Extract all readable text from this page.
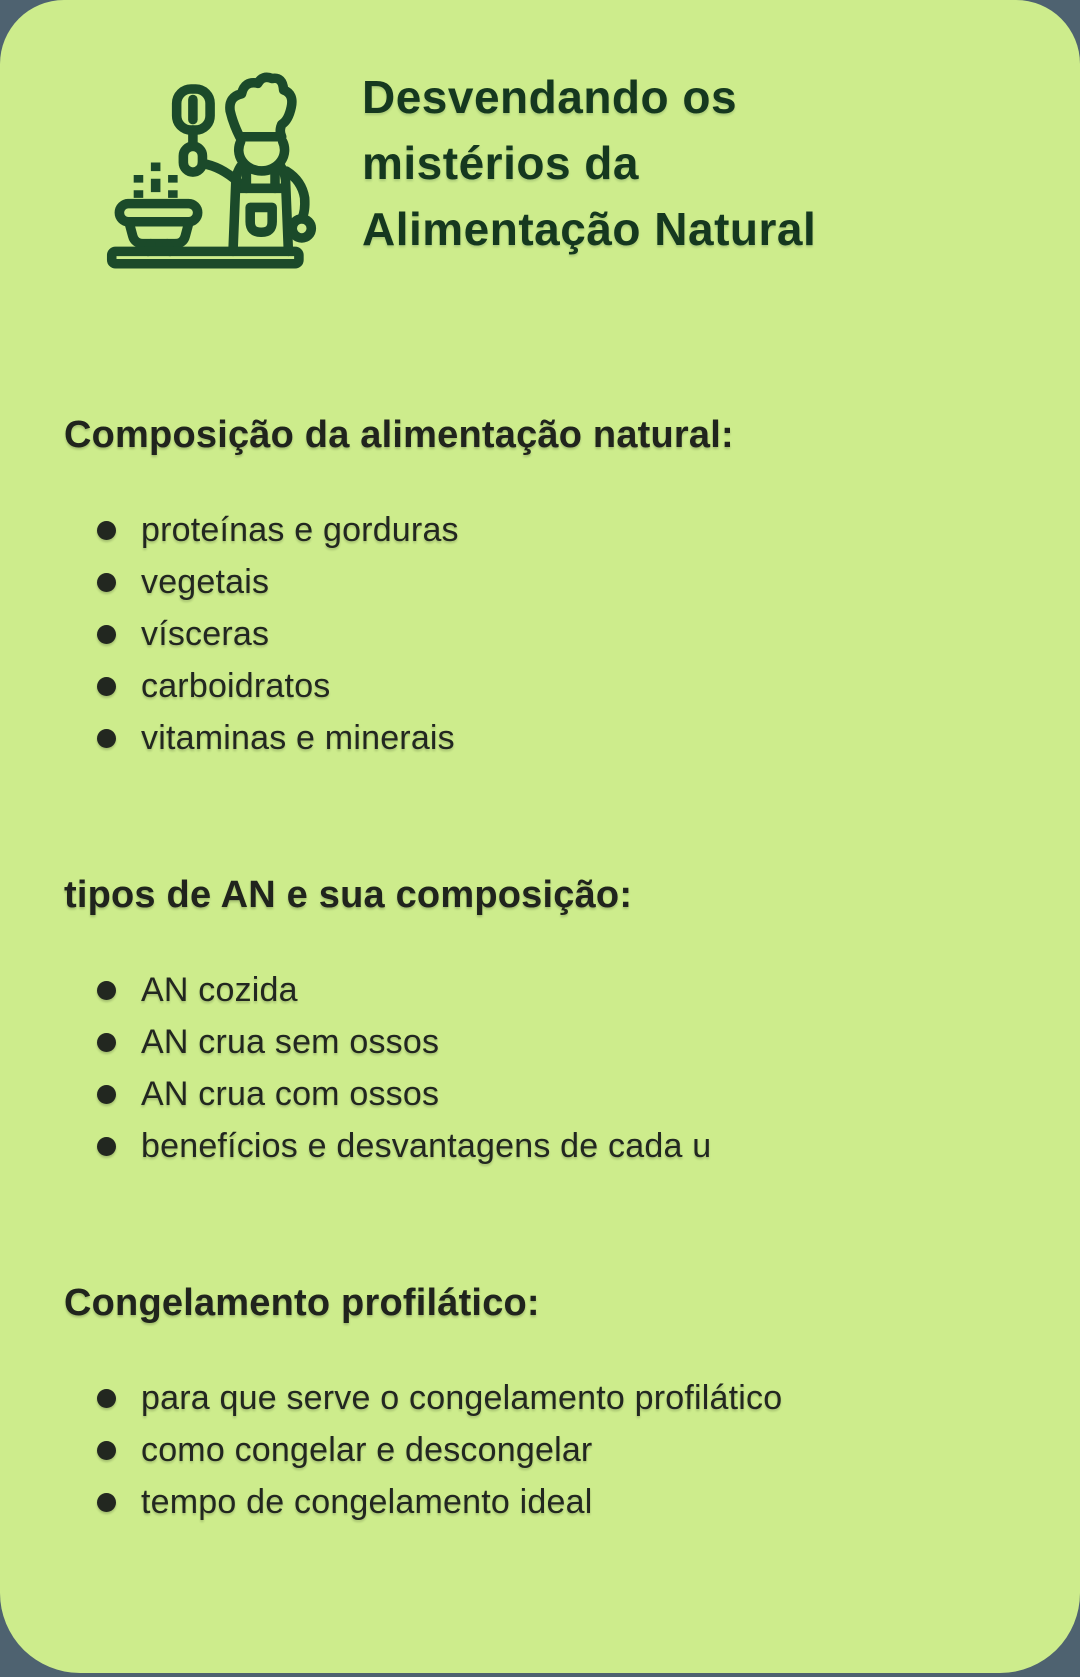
Desvendando os
mistérios da
Alimentação Natural
Composição da alimentação natural:
proteínas e gorduras
vegetais
vísceras
carboidratos
vitaminas e minerais
tipos de AN e sua composição:
AN cozida
AN crua sem ossos
AN crua com ossos
benefícios e desvantagens de cada u
Congelamento profilático:
para que serve o congelamento profilático
como congelar e descongelar
tempo de congelamento ideal
